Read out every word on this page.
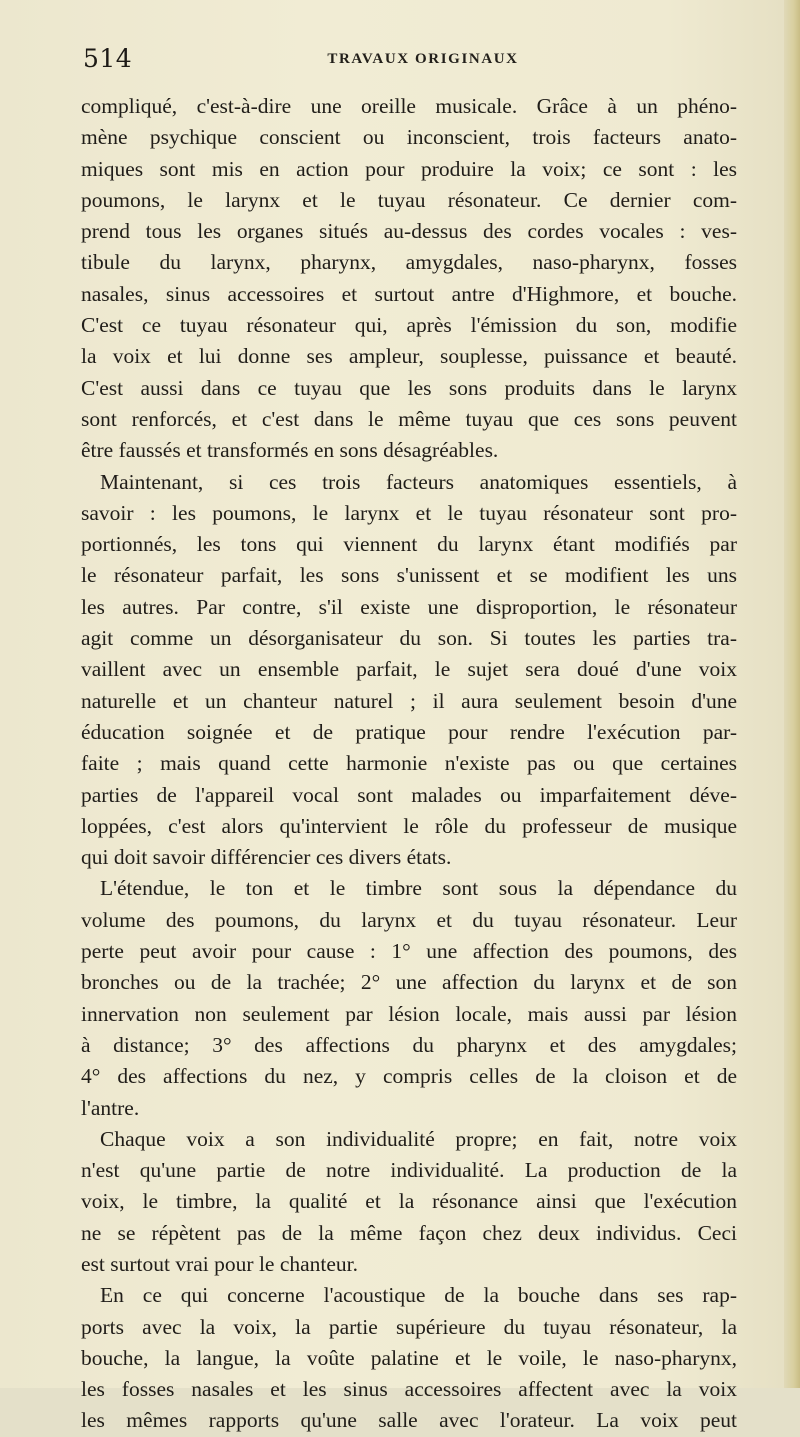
514	TRAVAUX ORIGINAUX
compliqué, c'est-à-dire une oreille musicale. Grâce à un phéno-
mène psychique conscient ou inconscient, trois facteurs anato-
miques sont mis en action pour produire la voix; ce sont : les
poumons, le larynx et le tuyau résonateur. Ce dernier com-
prend tous les organes situés au-dessus des cordes vocales : ves-
tibule du larynx, pharynx, amygdales, naso-pharynx, fosses
nasales, sinus accessoires et surtout antre d'Highmore, et bouche.
C'est ce tuyau résonateur qui, après l'émission du son, modifie
la voix et lui donne ses ampleur, souplesse, puissance et beauté.
C'est aussi dans ce tuyau que les sons produits dans le larynx
sont renforcés, et c'est dans le même tuyau que ces sons peuvent
être faussés et transformés en sons désagréables.
Maintenant, si ces trois facteurs anatomiques essentiels, à
savoir : les poumons, le larynx et le tuyau résonateur sont pro-
portionnés, les tons qui viennent du larynx étant modifiés par
le résonateur parfait, les sons s'unissent et se modifient les uns
les autres. Par contre, s'il existe une disproportion, le résonateur
agit comme un désorganisateur du son. Si toutes les parties tra-
vaillent avec un ensemble parfait, le sujet sera doué d'une voix
naturelle et un chanteur naturel ; il aura seulement besoin d'une
éducation soignée et de pratique pour rendre l'exécution par-
faite ; mais quand cette harmonie n'existe pas ou que certaines
parties de l'appareil vocal sont malades ou imparfaitement déve-
loppées, c'est alors qu'intervient le rôle du professeur de musique
qui doit savoir différencier ces divers états.
L'étendue, le ton et le timbre sont sous la dépendance du
volume des poumons, du larynx et du tuyau résonateur. Leur
perte peut avoir pour cause : 1° une affection des poumons, des
bronches ou de la trachée; 2° une affection du larynx et de son
innervation non seulement par lésion locale, mais aussi par lésion
à distance; 3° des affections du pharynx et des amygdales;
4° des affections du nez, y compris celles de la cloison et de
l'antre.
Chaque voix a son individualité propre; en fait, notre voix
n'est qu'une partie de notre individualité. La production de la
voix, le timbre, la qualité et la résonance ainsi que l'exécution
ne se répètent pas de la même façon chez deux individus. Ceci
est surtout vrai pour le chanteur.
En ce qui concerne l'acoustique de la bouche dans ses rap-
ports avec la voix, la partie supérieure du tuyau résonateur, la
bouche, la langue, la voûte palatine et le voile, le naso-pharynx,
les fosses nasales et les sinus accessoires affectent avec la voix
les mêmes rapports qu'une salle avec l'orateur. La voix peut
